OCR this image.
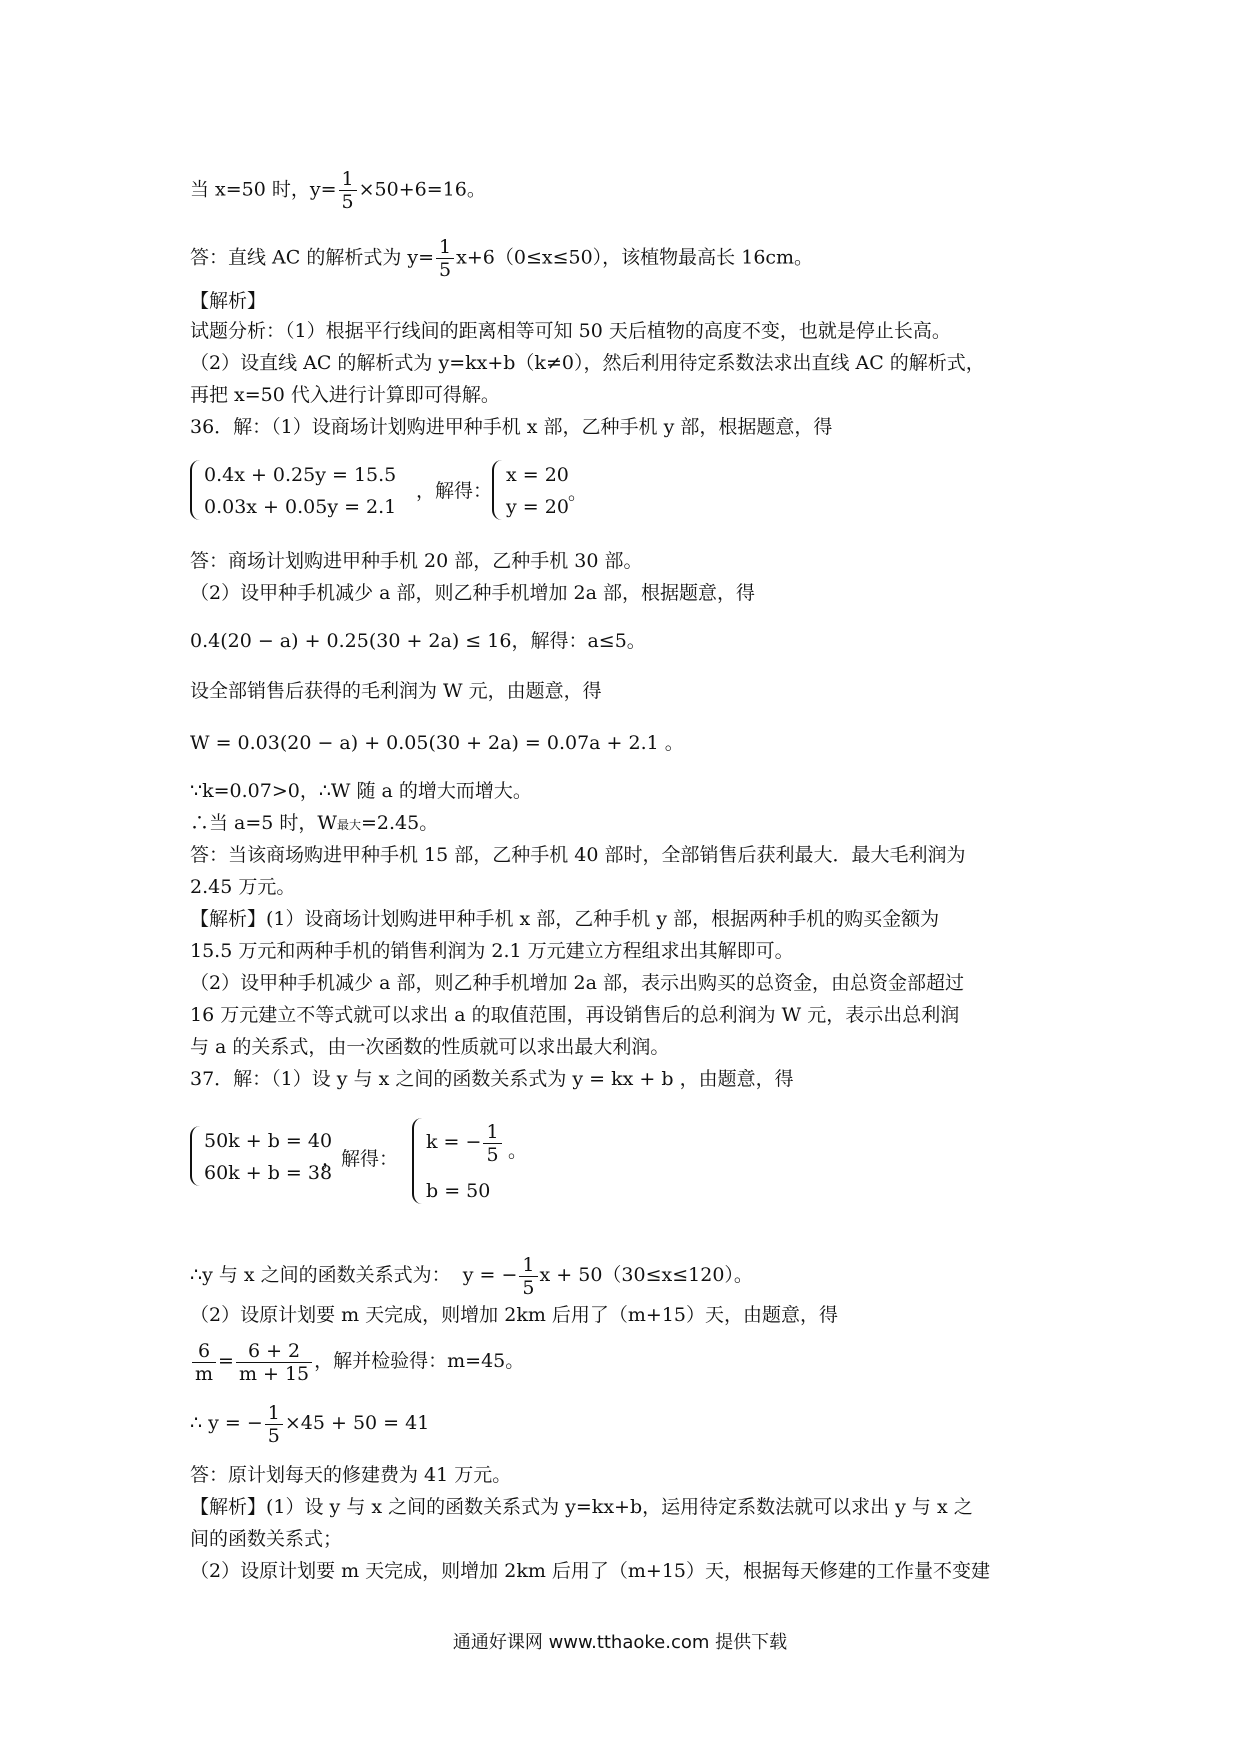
当 x=50 时，$y= \frac{1}{5} \times 50+6=16$。
答：直线 AC 的解析式为 $y= \frac{1}{5} x+6(0\le x\le 50)$，该植物最高长 16cm。
【解析】
试题分析：（1）根据平行线间的距离相等可知 50 天后植物的高度不变，也就是停止长高。
（2）设直线 AC 的解析式为 y=kx+b（k≠0），然后利用待定系数法求出直线 AC 的解析式，
再把 x=50 代入进行计算即可得解。
36．解：（1）设商场计划购进甲种手机 x 部，乙种手机 y 部，根据题意，得
0.4x + 0.25y = 15.5
0.03x + 0.05y = 2.1
，解得：
x = 20
y = 20
。
答：商场计划购进甲种手机 20 部，乙种手机 30 部。
（2）设甲种手机减少 a 部，则乙种手机增加 2a 部，根据题意，得
0.4(20 − a) + 0.25(30 + 2a) ≤ 16，解得：a≤5。
设全部销售后获得的毛利润为 W 元，由题意，得
W = 0.03(20 − a) + 0.05(30 + 2a) = 0.07a + 2.1 。
∵k=0.07>0，∴W 随 a 的增大而增大。
∴当 a=5 时，W最大=2.45。
答：当该商场购进甲种手机 15 部，乙种手机 40 部时，全部销售后获利最大．最大毛利润为
2.45 万元。
【解析】(1）设商场计划购进甲种手机 x 部，乙种手机 y 部，根据两种手机的购买金额为
15.5 万元和两种手机的销售利润为 2.1 万元建立方程组求出其解即可。
（2）设甲种手机减少 a 部，则乙种手机增加 2a 部，表示出购买的总资金，由总资金部超过
16 万元建立不等式就可以求出 a 的取值范围，再设销售后的总利润为 W 元，表示出总利润
与 a 的关系式，由一次函数的性质就可以求出最大利润。
37．解：（1）设 y 与 x 之间的函数关系式为 y = kx + b ，由题意，得
50k + b = 40
60k + b = 38
，解得：
k = − $\frac{1}{5}$
b = 50
。
∴y 与 x 之间的函数关系式为： y = − $\frac{1}{5}$ x + 50（30≤x≤120）。
（2）设原计划要 m 天完成，则增加 2km 后用了（m+15）天，由题意，得
$\frac{6}{m} = \frac{6 + 2}{m + 15}$ ，解并检验得：m=45。
∴ y = − $\frac{1}{5} \times 45 + 50 = 41$
答：原计划每天的修建费为 41 万元。
【解析】(1）设 y 与 x 之间的函数关系式为 y=kx+b，运用待定系数法就可以求出 y 与 x 之
间的函数关系式；
（2）设原计划要 m 天完成，则增加 2km 后用了（m+15）天，根据每天修建的工作量不变建
通通好课网 www.tthaoke.com 提供下载
